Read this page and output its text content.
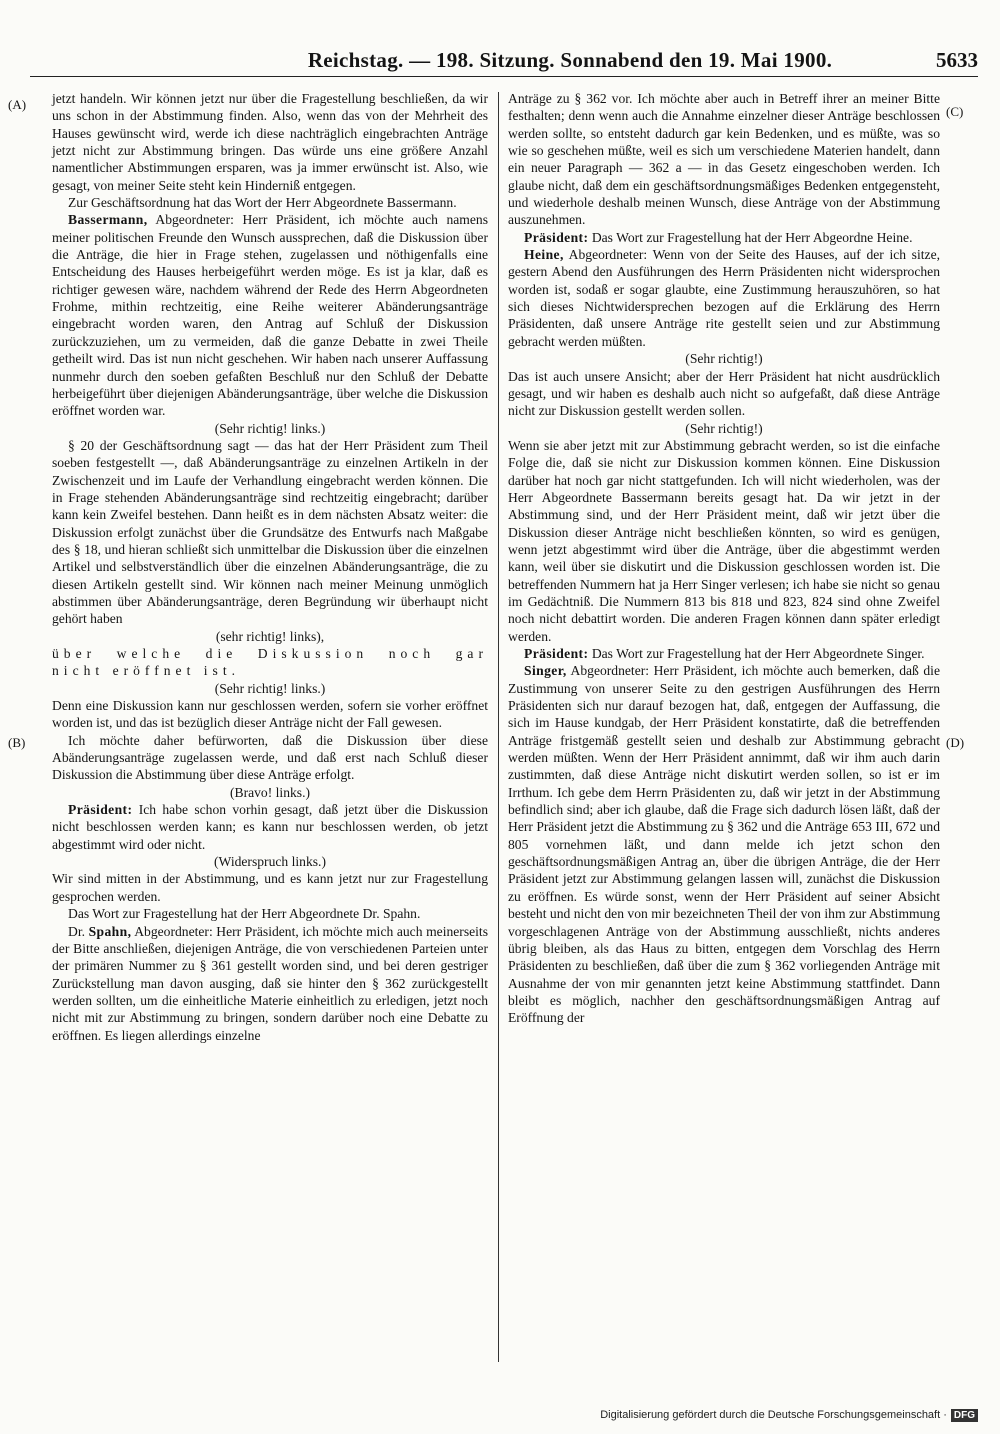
Reichstag. — 198. Sitzung. Sonnabend den 19. Mai 1900.	5633
(A)
(B)
(C)
(D)

jetzt handeln. Wir können jetzt nur über die Fragestellung beschließen, da wir uns schon in der Abstimmung finden. Also, wenn das von der Mehrheit des Hauses gewünscht wird, werde ich diese nachträglich eingebrachten Anträge jetzt nicht zur Abstimmung bringen. Das würde uns eine größere Anzahl namentlicher Abstimmungen ersparen, was ja immer erwünscht ist. Also, wie gesagt, von meiner Seite steht kein Hinderniß entgegen.

Zur Geschäftsordnung hat das Wort der Herr Abgeordnete Bassermann.

Bassermann, Abgeordneter: Herr Präsident, ich möchte auch namens meiner politischen Freunde den Wunsch aussprechen, daß die Diskussion über die Anträge, die hier in Frage stehen, zugelassen und nöthigenfalls eine Entscheidung des Hauses herbeigeführt werden möge. Es ist ja klar, daß es richtiger gewesen wäre, nachdem während der Rede des Herrn Abgeordneten Frohme, mithin rechtzeitig, eine Reihe weiterer Abänderungsanträge eingebracht worden waren, den Antrag auf Schluß der Diskussion zurückzuziehen, um zu vermeiden, daß die ganze Debatte in zwei Theile getheilt wird. Das ist nun nicht geschehen. Wir haben nach unserer Auffassung nunmehr durch den soeben gefaßten Beschluß nur den Schluß der Debatte herbeigeführt über diejenigen Abänderungsanträge, über welche die Diskussion eröffnet worden war.

(Sehr richtig! links.)

§ 20 der Geschäftsordnung sagt — das hat der Herr Präsident zum Theil soeben festgestellt —, daß Abänderungsanträge zu einzelnen Artikeln in der Zwischenzeit und im Laufe der Verhandlung eingebracht werden können. Die in Frage stehenden Abänderungsanträge sind rechtzeitig eingebracht; darüber kann kein Zweifel bestehen. Dann heißt es in dem nächsten Absatz weiter: die Diskussion erfolgt zunächst über die Grundsätze des Entwurfs nach Maßgabe des § 18, und hieran schließt sich unmittelbar die Diskussion über die einzelnen Artikel und selbstverständlich über die einzelnen Abänderungsanträge, die zu diesen Artikeln gestellt sind. Wir können nach meiner Meinung unmöglich abstimmen über Abänderungsanträge, deren Begründung wir überhaupt nicht gehört haben

(sehr richtig! links),

über welche die Diskussion noch gar nicht eröffnet ist.

(Sehr richtig! links.)

Denn eine Diskussion kann nur geschlossen werden, sofern sie vorher eröffnet worden ist, und das ist bezüglich dieser Anträge nicht der Fall gewesen.

Ich möchte daher befürworten, daß die Diskussion über diese Abänderungsanträge zugelassen werde, und daß erst nach Schluß dieser Diskussion die Abstimmung über diese Anträge erfolgt.

(Bravo! links.)

Präsident: Ich habe schon vorhin gesagt, daß jetzt über die Diskussion nicht beschlossen werden kann; es kann nur beschlossen werden, ob jetzt abgestimmt wird oder nicht.

(Widerspruch links.)

Wir sind mitten in der Abstimmung, und es kann jetzt nur zur Fragestellung gesprochen werden.

Das Wort zur Fragestellung hat der Herr Abgeordnete Dr. Spahn.

Dr. Spahn, Abgeordneter: Herr Präsident, ich möchte mich auch meinerseits der Bitte anschließen, diejenigen Anträge, die von verschiedenen Parteien unter der primären Nummer zu § 361 gestellt worden sind, und bei deren gestriger Zurückstellung man davon ausging, daß sie hinter den § 362 zurückgestellt werden sollten, um die einheitliche Materie einheitlich zu erledigen, jetzt noch nicht mit zur Abstimmung zu bringen, sondern darüber noch eine Debatte zu eröffnen. Es liegen allerdings einzelne

Anträge zu § 362 vor. Ich möchte aber auch in Betreff ihrer an meiner Bitte festhalten; denn wenn auch die Annahme einzelner dieser Anträge beschlossen werden sollte, so entsteht dadurch gar kein Bedenken, und es müßte, was so wie so geschehen müßte, weil es sich um verschiedene Materien handelt, dann ein neuer Paragraph — 362 a — in das Gesetz eingeschoben werden. Ich glaube nicht, daß dem ein geschäftsordnungsmäßiges Bedenken entgegensteht, und wiederhole deshalb meinen Wunsch, diese Anträge von der Abstimmung auszunehmen.

Präsident: Das Wort zur Fragestellung hat der Herr Abgeordne Heine.

Heine, Abgeordneter: Wenn von der Seite des Hauses, auf der ich sitze, gestern Abend den Ausführungen des Herrn Präsidenten nicht widersprochen worden ist, sodaß er sogar glaubte, eine Zustimmung herauszuhören, so hat sich dieses Nichtwidersprechen bezogen auf die Erklärung des Herrn Präsidenten, daß unsere Anträge rite gestellt seien und zur Abstimmung gebracht werden müßten.

(Sehr richtig!)

Das ist auch unsere Ansicht; aber der Herr Präsident hat nicht ausdrücklich gesagt, und wir haben es deshalb auch nicht so aufgefaßt, daß diese Anträge nicht zur Diskussion gestellt werden sollen.

(Sehr richtig!)

Wenn sie aber jetzt mit zur Abstimmung gebracht werden, so ist die einfache Folge die, daß sie nicht zur Diskussion kommen können. Eine Diskussion darüber hat noch gar nicht stattgefunden. Ich will nicht wiederholen, was der Herr Abgeordnete Bassermann bereits gesagt hat. Da wir jetzt in der Abstimmung sind, und der Herr Präsident meint, daß wir jetzt über die Diskussion dieser Anträge nicht beschließen könnten, so wird es genügen, wenn jetzt abgestimmt wird über die Anträge, über die abgestimmt werden kann, weil über sie diskutirt und die Diskussion geschlossen worden ist. Die betreffenden Nummern hat ja Herr Singer verlesen; ich habe sie nicht so genau im Gedächtniß. Die Nummern 813 bis 818 und 823, 824 sind ohne Zweifel noch nicht debattirt worden. Die anderen Fragen können dann später erledigt werden.

Präsident: Das Wort zur Fragestellung hat der Herr Abgeordnete Singer.

Singer, Abgeordneter: Herr Präsident, ich möchte auch bemerken, daß die Zustimmung von unserer Seite zu den gestrigen Ausführungen des Herrn Präsidenten sich nur darauf bezogen hat, daß, entgegen der Auffassung, die sich im Hause kundgab, der Herr Präsident konstatirte, daß die betreffenden Anträge fristgemäß gestellt seien und deshalb zur Abstimmung gebracht werden müßten. Wenn der Herr Präsident annimmt, daß wir ihm auch darin zustimmten, daß diese Anträge nicht diskutirt werden sollen, so ist er im Irrthum. Ich gebe dem Herrn Präsidenten zu, daß wir jetzt in der Abstimmung befindlich sind; aber ich glaube, daß die Frage sich dadurch lösen läßt, daß der Herr Präsident jetzt die Abstimmung zu § 362 und die Anträge 653 III, 672 und 805 vornehmen läßt, und dann melde ich jetzt schon den geschäftsordnungsmäßigen Antrag an, über die übrigen Anträge, die der Herr Präsident jetzt zur Abstimmung gelangen lassen will, zunächst die Diskussion zu eröffnen. Es würde sonst, wenn der Herr Präsident auf seiner Absicht besteht und nicht den von mir bezeichneten Theil der von ihm zur Abstimmung vorgeschlagenen Anträge von der Abstimmung ausschließt, nichts anderes übrig bleiben, als das Haus zu bitten, entgegen dem Vorschlag des Herrn Präsidenten zu beschließen, daß über die zum § 362 vorliegenden Anträge mit Ausnahme der von mir genannten jetzt keine Abstimmung stattfindet. Dann bleibt es möglich, nachher den geschäftsordnungsmäßigen Antrag auf Eröffnung der

Digitalisierung gefördert durch die Deutsche Forschungsgemeinschaft · DFG
